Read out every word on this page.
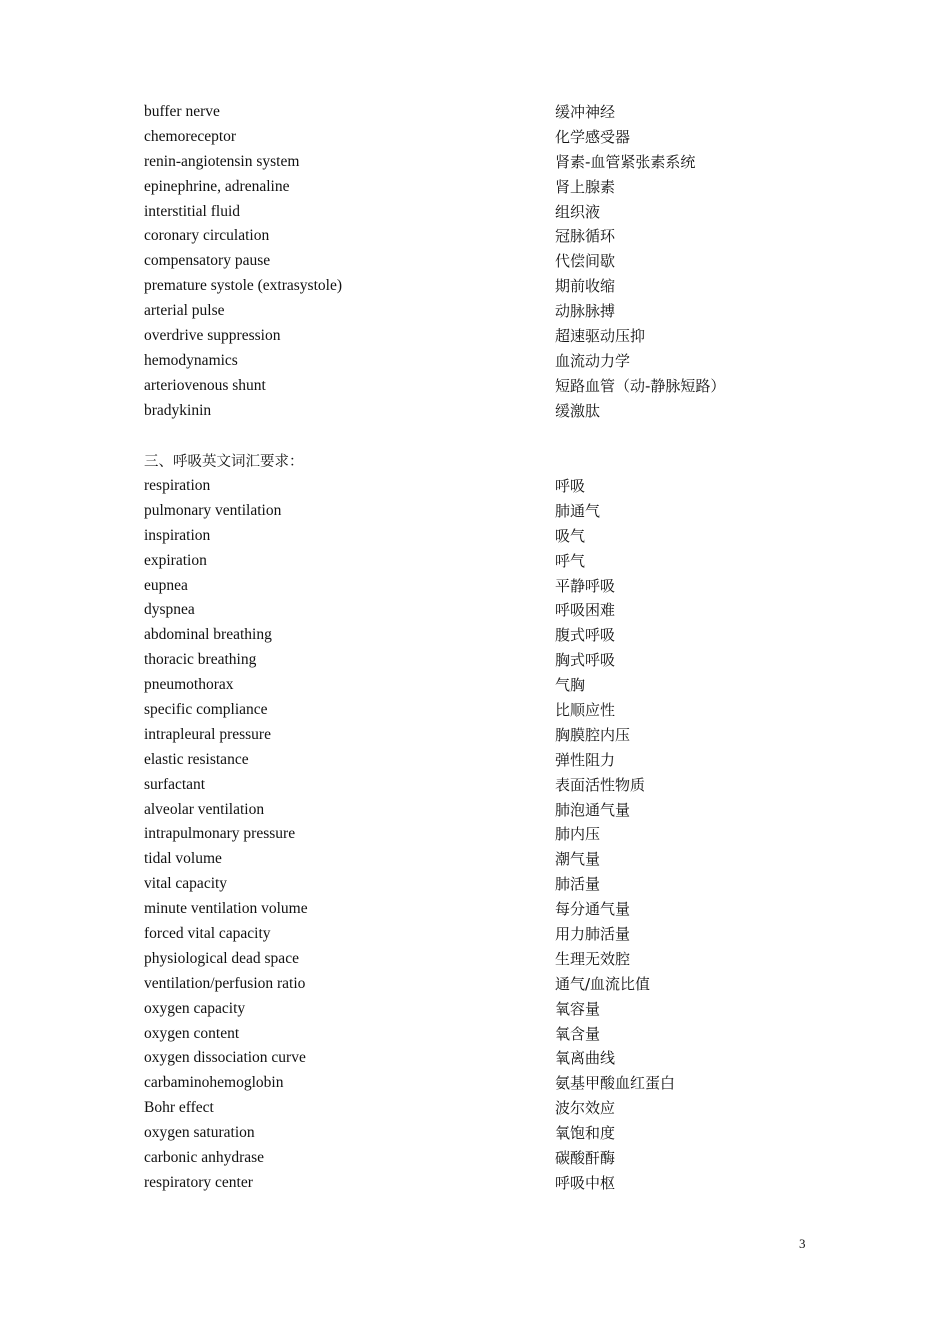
buffer nerve	缓冲神经
chemoreceptor	化学感受器
renin-angiotensin system	肾素-血管紧张素系统
epinephrine, adrenaline	肾上腺素
interstitial fluid	组织液
coronary circulation	冠脉循环
compensatory pause	代偿间歇
premature systole (extrasystole)	期前收缩
arterial pulse	动脉脉搏
overdrive suppression	超速驱动压抑
hemodynamics	血流动力学
arteriovenous shunt	短路血管（动-静脉短路）
bradykinin	缓激肽
三、呼吸英文词汇要求：
respiration	呼吸
pulmonary ventilation	肺通气
inspiration	吸气
expiration	呼气
eupnea	平静呼吸
dyspnea	呼吸困难
abdominal breathing	腹式呼吸
thoracic breathing	胸式呼吸
pneumothorax	气胸
specific compliance	比顺应性
intrapleural pressure	胸膜腔内压
elastic resistance	弹性阻力
surfactant	表面活性物质
alveolar ventilation	肺泡通气量
intrapulmonary pressure	肺内压
tidal volume	潮气量
vital capacity	肺活量
minute ventilation volume	每分通气量
forced vital capacity	用力肺活量
physiological dead space	生理无效腔
ventilation/perfusion ratio	通气/血流比值
oxygen capacity	氧容量
oxygen content	氧含量
oxygen dissociation curve	氧离曲线
carbaminohemoglobin	氨基甲酸血红蛋白
Bohr effect	波尔效应
oxygen saturation	氧饱和度
carbonic anhydrase	碳酸酐酶
respiratory center	呼吸中枢
3
